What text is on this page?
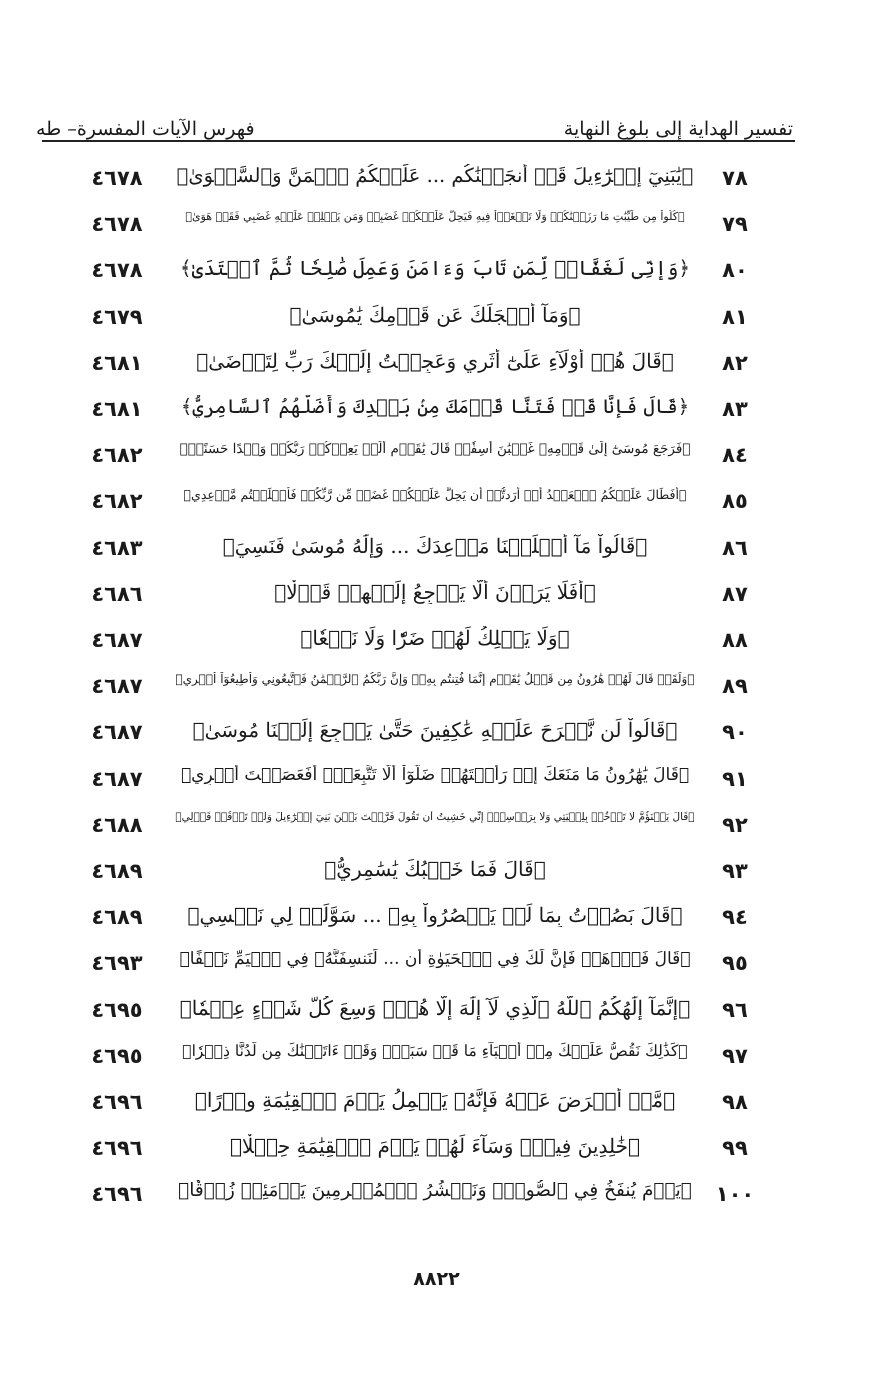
تفسير الهداية إلى بلوغ النهاية
فهرس الآيات المفسرة– طه
٧٨
﴿يَٰبَنِيٓ إِسۡرَٰٓءِيلَ قَدۡ أَنجَيۡنَٰكُم ... عَلَيۡكُمُ ٱلۡمَنَّ وَٱلسَّلۡوَىٰ﴾
٤٦٧٨
٧٩
﴿كُلُواْ مِن طَيِّبَٰتِ مَا رَزَقۡنَٰكُمۡ وَلَا تَطۡغَوۡاْ فِيهِ فَيَحِلَّ عَلَيۡكُمۡ غَضَبِيۖ وَمَن يَحۡلِلۡ عَلَيۡهِ غَضَبِي فَقَدۡ هَوَىٰ﴾
٤٦٧٨
٨٠
﴿وَإِنِّي لَغَفَّارٞ لِّمَن تَابَ وَءَامَنَ وَعَمِلَ صَٰلِحٗا ثُمَّ ٱهۡتَدَىٰ﴾
٤٦٧٨
٨١
﴿وَمَآ أَعۡجَلَكَ عَن قَوۡمِكَ يَٰمُوسَىٰ﴾
٤٦٧٩
٨٢
﴿قَالَ هُمۡ أُوْلَآءِ عَلَىٰٓ أَثَرِي وَعَجِلۡتُ إِلَيۡكَ رَبِّ لِتَرۡضَىٰ﴾
٤٦٨١
٨٣
﴿قَالَ فَإِنَّا قَدۡ فَتَنَّا قَوۡمَكَ مِنۢ بَعۡدِكَ وَأَضَلَّهُمُ ٱلسَّامِرِيُّ﴾
٤٦٨١
٨٤
﴿فَرَجَعَ مُوسَىٰٓ إِلَىٰ قَوۡمِهِۦ غَضۡبَٰنَ أَسِفٗاۚ قَالَ يَٰقَوۡمِ أَلَمۡ يَعِدۡكُمۡ رَبُّكُمۡ وَعۡدًا حَسَنًاۚ﴾
٤٦٨٢
٨٥
﴿أَفَطَالَ عَلَيۡكُمُ ٱلۡعَهۡدُ أَمۡ أَرَدتُّمۡ أَن يَحِلَّ عَلَيۡكُمۡ غَضَبٞ مِّن رَّبِّكُمۡ فَأَخۡلَفۡتُم مَّوۡعِدِي﴾
٤٦٨٢
٨٦
﴿قَالُواْ مَآ أَخۡلَفۡنَا مَوۡعِدَكَ ... وَإِلَٰهُ مُوسَىٰ فَنَسِيَ﴾
٤٦٨٣
٨٧
﴿أَفَلَا يَرَوۡنَ أَلَّا يَرۡجِعُ إِلَيۡهِمۡ قَوۡلٗا﴾
٤٦٨٦
٨٨
﴿وَلَا يَمۡلِكُ لَهُمۡ ضَرّٗا وَلَا نَفۡعٗا﴾
٤٦٨٧
٨٩
﴿وَلَقَدۡ قَالَ لَهُمۡ هَٰرُونُ مِن قَبۡلُ يَٰقَوۡمِ إِنَّمَا فُتِنتُم بِهِۦۖ وَإِنَّ رَبَّكُمُ ٱلرَّحۡمَٰنُ فَٱتَّبِعُونِي وَأَطِيعُوٓاْ أَمۡرِي﴾
٤٦٨٧
٩٠
﴿قَالُواْ لَن نَّبۡرَحَ عَلَيۡهِ عَٰكِفِينَ حَتَّىٰ يَرۡجِعَ إِلَيۡنَا مُوسَىٰ﴾
٤٦٨٧
٩١
﴿قَالَ يَٰهَٰرُونُ مَا مَنَعَكَ إِذۡ رَأَيۡتَهُمۡ ضَلُّوٓاْ أَلَّا تَتَّبِعَنِۖ أَفَعَصَيۡتَ أَمۡرِي﴾
٤٦٨٧
٩٢
﴿قَالَ يَبۡنَؤُمَّ لَا تَأۡخُذۡ بِلِحۡيَتِي وَلَا بِرَأۡسِيٓۖ إِنِّي خَشِيتُ أَن تَقُولَ فَرَّقۡتَ بَيۡنَ بَنِيٓ إِسۡرَٰٓءِيلَ وَلَمۡ تَرۡقُبۡ قَوۡلِي﴾
٤٦٨٨
٩٣
﴿قَالَ فَمَا خَطۡبُكَ يَٰسَٰمِرِيُّ﴾
٤٦٨٩
٩٤
﴿قَالَ بَصُرۡتُ بِمَا لَمۡ يَبۡصُرُواْ بِهِۦ ... سَوَّلَتۡ لِي نَفۡسِي﴾
٤٦٨٩
٩٥
﴿قَالَ فَٱذۡهَبۡ فَإِنَّ لَكَ فِي ٱلۡحَيَوٰةِ أَن ... لَنَنسِفَنَّهُۥ فِي ٱلۡيَمِّ نَسۡفًا﴾
٤٦٩٣
٩٦
﴿إِنَّمَآ إِلَٰهُكُمُ ٱللَّهُ ٱلَّذِي لَآ إِلَٰهَ إِلَّا هُوَۚ وَسِعَ كُلَّ شَيۡءٍ عِلۡمٗا﴾
٤٦٩٥
٩٧
﴿كَذَٰلِكَ نَقُصُّ عَلَيۡكَ مِنۡ أَنۢبَآءِ مَا قَدۡ سَبَقَۚ وَقَدۡ ءَاتَيۡنَٰكَ مِن لَّدُنَّا ذِكۡرٗا﴾
٤٦٩٥
٩٨
﴿مَّنۡ أَعۡرَضَ عَنۡهُ فَإِنَّهُۥ يَحۡمِلُ يَوۡمَ ٱلۡقِيَٰمَةِ وِزۡرًا﴾
٤٦٩٦
٩٩
﴿خَٰلِدِينَ فِيهِۖ وَسَآءَ لَهُمۡ يَوۡمَ ٱلۡقِيَٰمَةِ حِمۡلٗا﴾
٤٦٩٦
١٠٠
﴿يَوۡمَ يُنفَخُ فِي ٱلصُّورِۚ وَنَحۡشُرُ ٱلۡمُجۡرِمِينَ يَوۡمَئِذٖ زُرۡقٗا﴾
٤٦٩٦
٨٨٢٢
